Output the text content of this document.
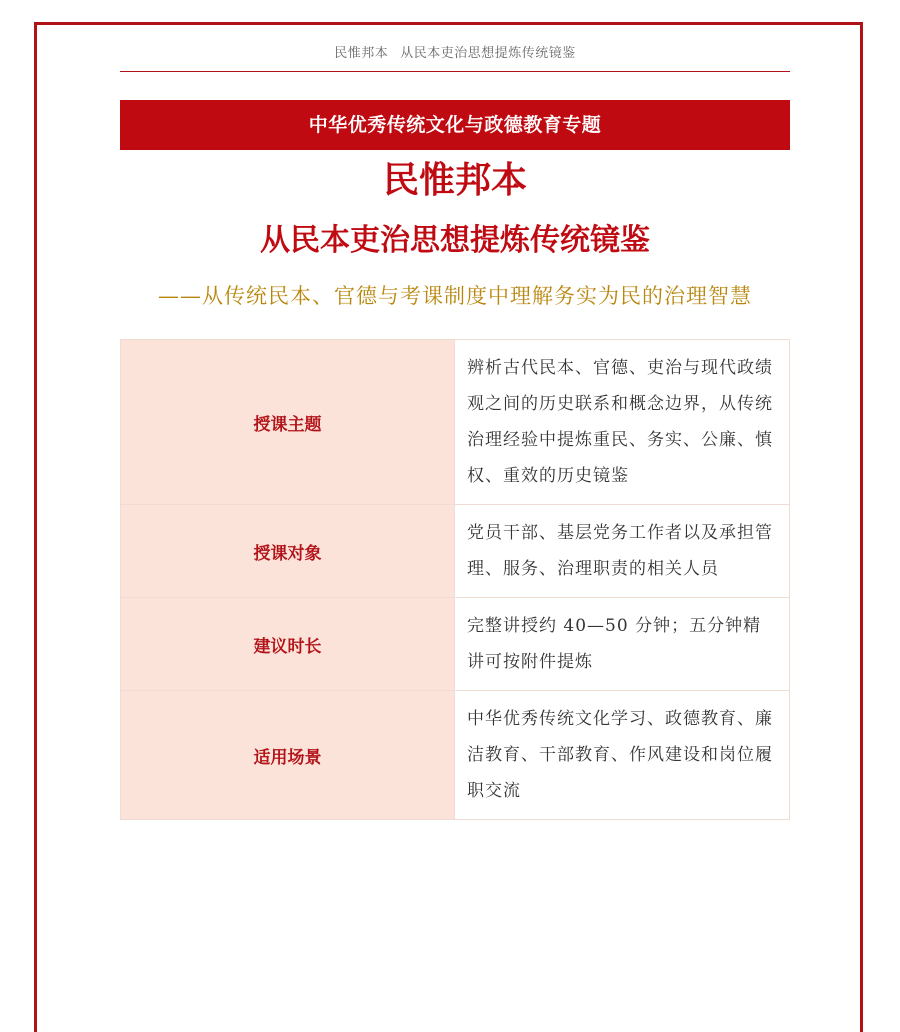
民惟邦本 从民本吏治思想提炼传统镜鉴
中华优秀传统文化与政德教育专题
民惟邦本
从民本吏治思想提炼传统镜鉴
——从传统民本、官德与考课制度中理解务实为民的治理智慧
授课主题	辨析古代民本、官德、吏治与现代政绩观之间的历史联系和概念边界，从传统治理经验中提炼重民、务实、公廉、慎权、重效的历史镜鉴
授课对象	党员干部、基层党务工作者以及承担管理、服务、治理职责的相关人员
建议时长	完整讲授约 40—50 分钟；五分钟精讲可按附件提炼
适用场景	中华优秀传统文化学习、政德教育、廉洁教育、干部教育、作风建设和岗位履职交流
